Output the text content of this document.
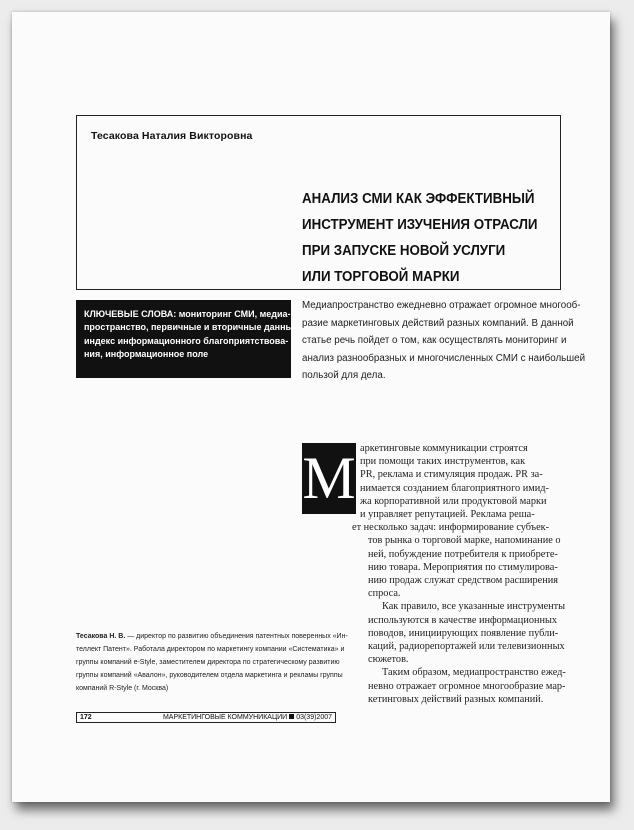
Тесакова Наталия Викторовна
АНАЛИЗ СМИ КАК ЭФФЕКТИВНЫЙ
ИНСТРУМЕНТ ИЗУЧЕНИЯ ОТРАСЛИ
ПРИ ЗАПУСКЕ НОВОЙ УСЛУГИ
ИЛИ ТОРГОВОЙ МАРКИ
КЛЮЧЕВЫЕ СЛОВА: мониторинг СМИ, медиа-
пространство, первичные и вторичные данные,
индекс информационного благоприятствова-
ния, информационное поле
Медиапространство ежедневно отражает огромное многооб-
разие маркетинговых действий разных компаний. В данной
статье речь пойдет о том, как осуществлять мониторинг и
анализ разнообразных и многочисленных СМИ с наибольшей
пользой для дела.
М аркетинговые коммуникации строятся
при помощи таких инструментов, как
PR, реклама и стимуляция продаж. PR за-
нимается созданием благоприятного имид-
жа корпоративной или продуктовой марки
и управляет репутацией. Реклама реша-
ет несколько задач: информирование субъек-
тов рынка о торговой марке, напоминание о
ней, побуждение потребителя к приобрете-
нию товара. Мероприятия по стимулирова-
нию продаж служат средством расширения
спроса.
Как правило, все указанные инструменты
используются в качестве информационных
поводов, инициирующих появление публи-
каций, радиорепортажей или телевизионных
сюжетов.
Таким образом, медиапространство ежед-
невно отражает огромное многообразие мар-
кетинговых действий разных компаний.
Тесакова Н. В. — директор по развитию объединения патентных поверенных «Ин-
теллект Патент». Работала директором по маркетингу компании «Систематика» и
группы компаний e-Style, заместителем директора по стратегическому развитию
группы компаний «Авалон», руководителем отдела маркетинга и рекламы группы
компаний R-Style (г. Москва)
172	МАРКЕТИНГОВЫЕ КОММУНИКАЦИИ 03(39)2007
